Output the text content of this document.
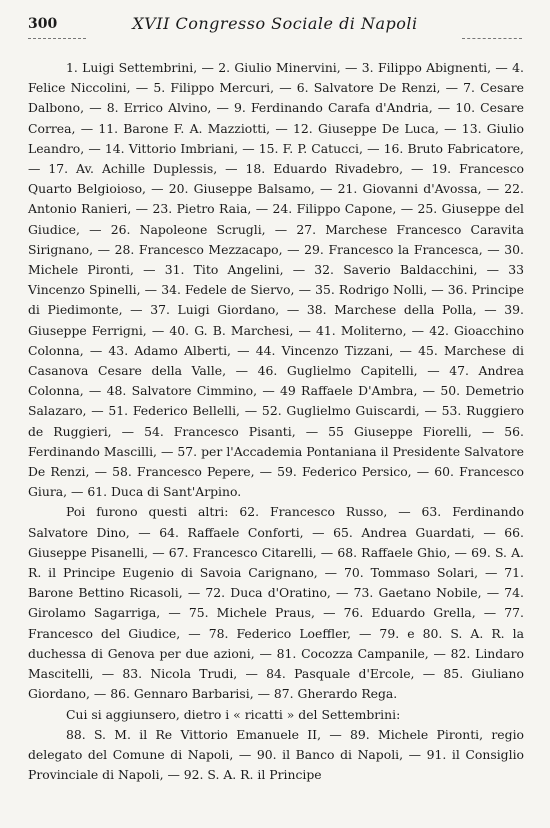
300	XVII Congresso Sociale di Napoli

1. Luigi Settembrini, — 2. Giulio Minervini, — 3. Filippo Abignenti, — 4. Felice Niccolini, — 5. Filippo Mercuri, — 6. Salvatore De Renzi, — 7. Cesare Dalbono, — 8. Errico Alvino, — 9. Ferdinando Carafa d'Andria, — 10. Cesare Correa, — 11. Barone F. A. Mazziotti, — 12. Giuseppe De Luca, — 13. Giulio Leandro, — 14. Vittorio Imbriani, — 15. F. P. Catucci, — 16. Bruto Fabricatore, — 17. Av. Achille Duplessis, — 18. Eduardo Rivadebro, — 19. Francesco Quarto Belgioioso, — 20. Giuseppe Balsamo, — 21. Giovanni d'Avossa, — 22. Antonio Ranieri, — 23. Pietro Raia, — 24. Filippo Capone, — 25. Giuseppe del Giudice, — 26. Napoleone Scrugli, — 27. Marchese Francesco Caravita Sirignano, — 28. Francesco Mezzacapo, — 29. Francesco la Francesca, — 30. Michele Pironti, — 31. Tito Angelini, — 32. Saverio Baldacchini, — 33 Vincenzo Spinelli, — 34. Fedele de Siervo, — 35. Rodrigo Nolli, — 36. Principe di Piedimonte, — 37. Luigi Giordano, — 38. Marchese della Polla, — 39. Giuseppe Ferrigni, — 40. G. B. Marchesi, — 41. Moliterno, — 42. Gioacchino Colonna, — 43. Adamo Alberti, — 44. Vincenzo Tizzani, — 45. Marchese di Casanova Cesare della Valle, — 46. Guglielmo Capitelli, — 47. Andrea Colonna, — 48. Salvatore Cimmino, — 49 Raffaele D'Ambra, — 50. Demetrio Salazaro, — 51. Federico Bellelli, — 52. Guglielmo Guiscardi, — 53. Ruggiero de Ruggieri, — 54. Francesco Pisanti, — 55 Giuseppe Fiorelli, — 56. Ferdinando Mascilli, — 57. per l'Accademia Pontaniana il Presidente Salvatore De Renzi, — 58. Francesco Pepere, — 59. Federico Persico, — 60. Francesco Giura, — 61. Duca di Sant'Arpino.

Poi furono questi altri: 62. Francesco Russo, — 63. Ferdinando Salvatore Dino, — 64. Raffaele Conforti, — 65. Andrea Guardati, — 66. Giuseppe Pisanelli, — 67. Francesco Citarelli, — 68. Raffaele Ghio, — 69. S. A. R. il Principe Eugenio di Savoia Carignano, — 70. Tommaso Solari, — 71. Barone Bettino Ricasoli, — 72. Duca d'Oratino, — 73. Gaetano Nobile, — 74. Girolamo Sagarriga, — 75. Michele Praus, — 76. Eduardo Grella, — 77. Francesco del Giudice, — 78. Federico Loeffler, — 79. e 80. S. A. R. la duchessa di Genova per due azioni, — 81. Cocozza Campanile, — 82. Lindaro Mascitelli, — 83. Nicola Trudi, — 84. Pasquale d'Ercole, — 85. Giuliano Giordano, — 86. Gennaro Barbarisi, — 87. Gherardo Rega.

Cui si aggiunsero, dietro i « ricatti » del Settembrini:

88. S. M. il Re Vittorio Emanuele II, — 89. Michele Pironti, regio delegato del Comune di Napoli, — 90. il Banco di Napoli, — 91. il Consiglio Provinciale di Napoli, — 92. S. A. R. il Principe
